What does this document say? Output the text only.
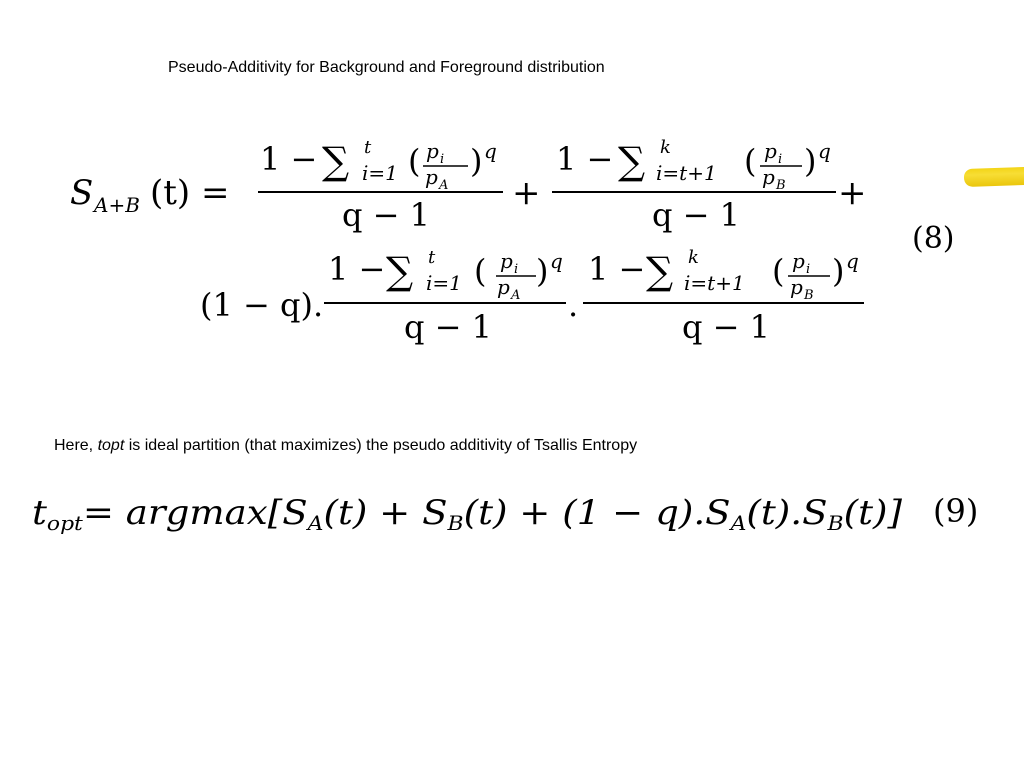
Pseudo-Additivity for Background and Foreground distribution
S A+B (t) =
1 − ∑ t
i=1 ( p i
p A
) q
q − 1
+
1 − ∑ k
i=t+1 ( p i
p B
) q
q − 1
+
(8)
(1 − q).
1 − ∑ t
i=1 ( p i
p A
) q
q − 1
.
1 − ∑ k
i=t+1 ( p i
p B
) q
q − 1
topt= argmax[S A(t) + S B(t) + (1 − q).S A(t).S B(t)] (9)
Here, topt is ideal partition (that maximizes) the pseudo additivity of Tsallis Entropy
